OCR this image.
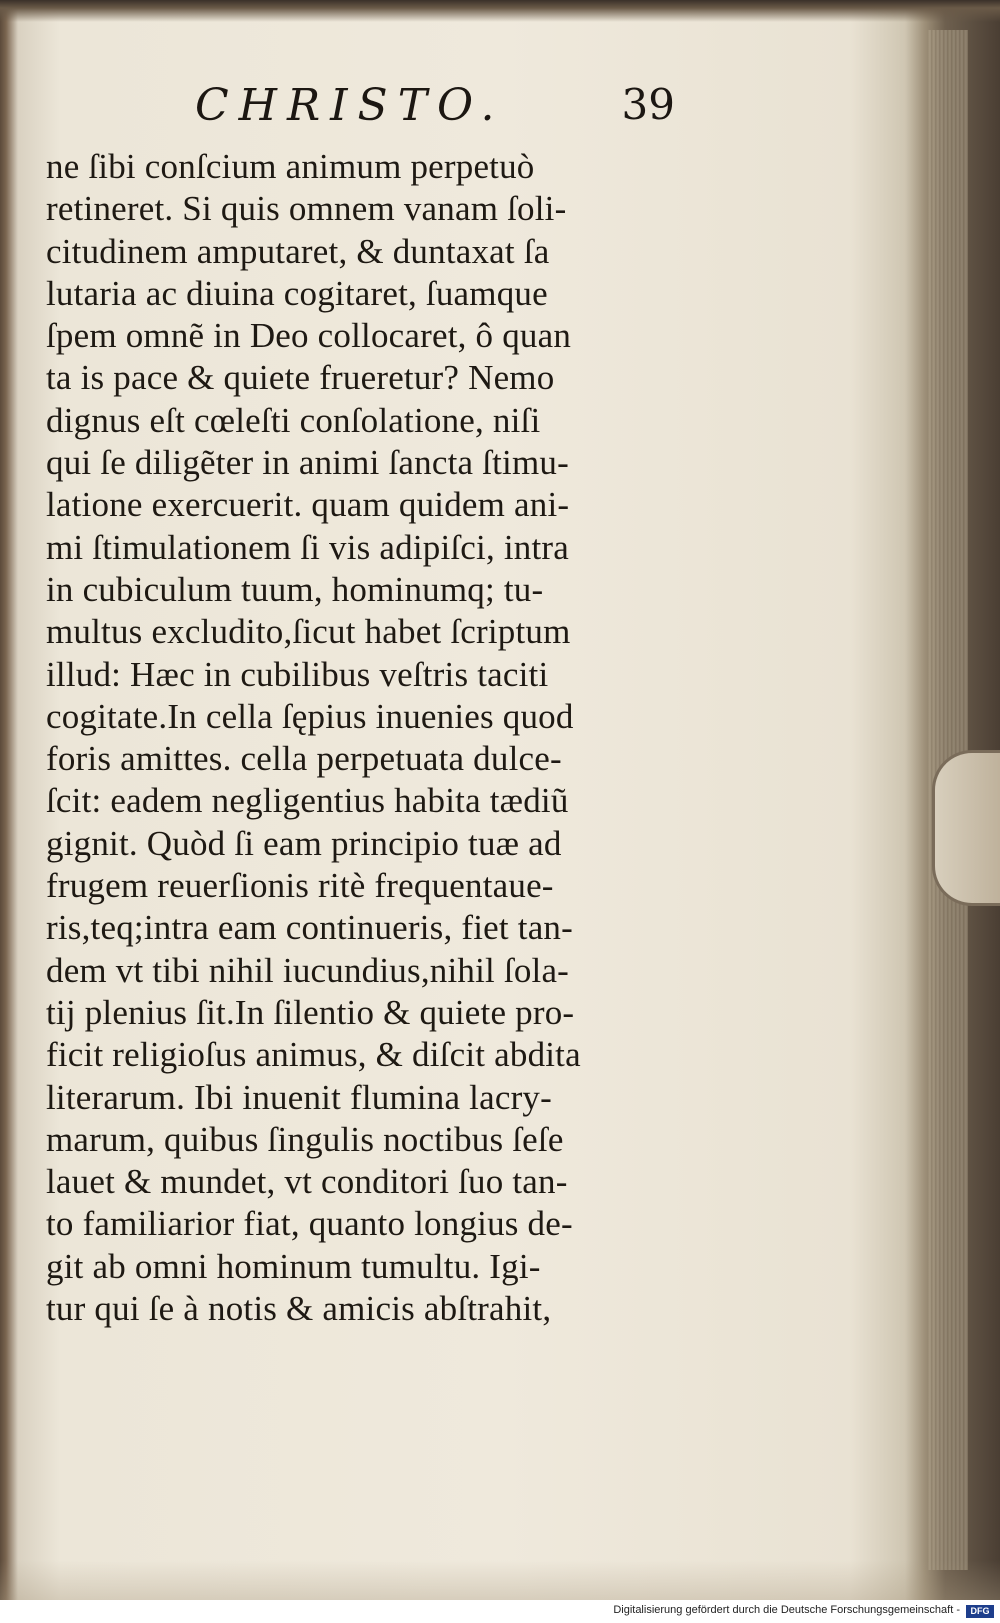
CHRISTO.	39
ne ſibi conſcium animum perpetuò
retineret. Si quis omnem vanam ſoli-
citudinem amputaret, & duntaxat ſa
lutaria ac diuina cogitaret, ſuamque
ſpem omnẽ in Deo collocaret, ô quan
ta is pace & quiete frueretur? Nemo
dignus eſt cœleſti conſolatione, niſi
qui ſe diligẽter in animi ſancta ſtimu-
latione exercuerit. quam quidem ani-
mi ſtimulationem ſi vis adipiſci, intra
in cubiculum tuum, hominumq; tu-
multus excludito,ſicut habet ſcriptum
illud: Hæc in cubilibus veſtris taciti
cogitate.In cella ſępius inuenies quod
foris amittes. cella perpetuata dulce-
ſcit: eadem negligentius habita tædiũ
gignit. Quòd ſi eam principio tuæ ad
frugem reuerſionis ritè frequentaue-
ris,teq;intra eam continueris, fiet tan-
dem vt tibi nihil iucundius,nihil ſola-
tij plenius ſit.In ſilentio & quiete pro-
ficit religioſus animus, & diſcit abdita
literarum. Ibi inuenit flumina lacry-
marum, quibus ſingulis noctibus ſeſe
lauet & mundet, vt conditori ſuo tan-
to familiarior fiat, quanto longius de-
git ab omni hominum tumultu. Igi-
tur qui ſe à notis & amicis abſtrahit,
Digitalisierung gefördert durch die Deutsche Forschungsgemeinschaft -	DFG
